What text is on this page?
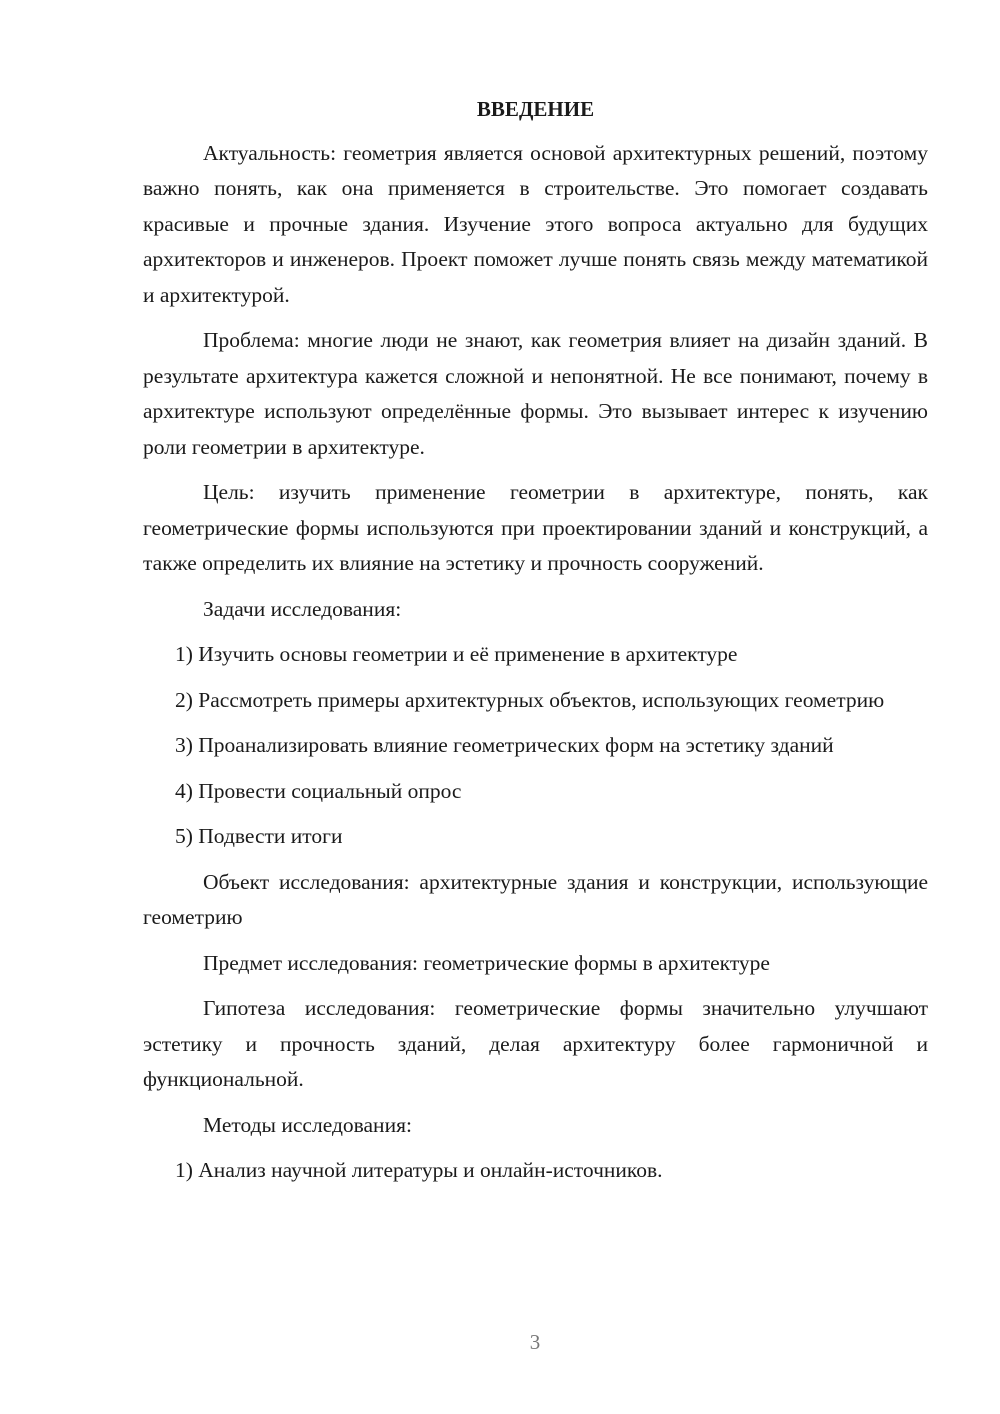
ВВЕДЕНИЕ

Актуальность: геометрия является основой архитектурных решений, поэтому важно понять, как она применяется в строительстве. Это помогает создавать красивые и прочные здания. Изучение этого вопроса актуально для будущих архитекторов и инженеров. Проект поможет лучше понять связь между математикой и архитектурой.

Проблема: многие люди не знают, как геометрия влияет на дизайн зданий. В результате архитектура кажется сложной и непонятной. Не все понимают, почему в архитектуре используют определённые формы. Это вызывает интерес к изучению роли геометрии в архитектуре.

Цель: изучить применение геометрии в архитектуре, понять, как геометрические формы используются при проектировании зданий и конструкций, а также определить их влияние на эстетику и прочность сооружений.

Задачи исследования:

1) Изучить основы геометрии и её применение в архитектуре

2) Рассмотреть примеры архитектурных объектов, использующих геометрию

3) Проанализировать влияние геометрических форм на эстетику зданий

4) Провести социальный опрос

5) Подвести итоги

Объект исследования: архитектурные здания и конструкции, использующие геометрию

Предмет исследования: геометрические формы в архитектуре

Гипотеза исследования: геометрические формы значительно улучшают эстетику и прочность зданий, делая архитектуру более гармоничной и функциональной.

Методы исследования:

1) Анализ научной литературы и онлайн-источников.

3
